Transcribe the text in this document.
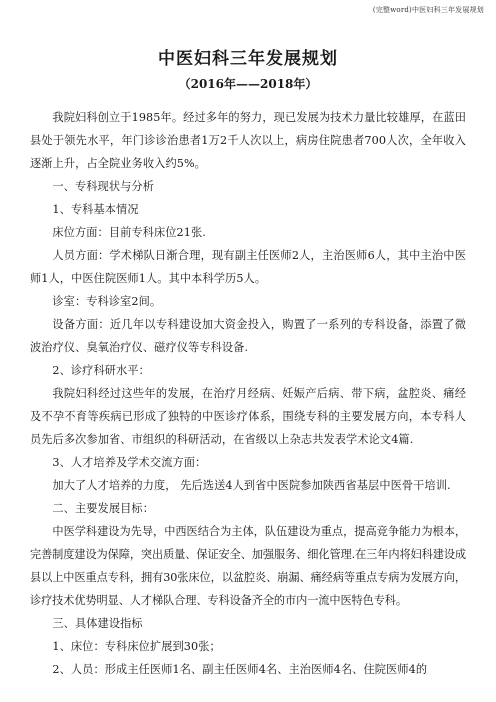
(完整word)中医妇科三年发展规划
中医妇科三年发展规划
（2016年——2018年）

我院妇科创立于1985年。经过多年的努力，现已发展为技术力量比较雄厚，在蓝田县处于领先水平，年门诊诊治患者1万2千人次以上，病房住院患者700人次，全年收入逐渐上升，占全院业务收入约5%。

一、专科现状与分析

1、专科基本情况

床位方面：目前专科床位21张.

人员方面：学术梯队日渐合理，现有副主任医师2人，主治医师6人，其中主治中医师1人，中医住院医师1人。其中本科学历5人。

诊室：专科诊室2间。

设备方面：近几年以专科建设加大资金投入，购置了一系列的专科设备，添置了微波治疗仪、臭氧治疗仪、磁疗仪等专科设备.

2、诊疗科研水平：

我院妇科经过这些年的发展，在治疗月经病、妊娠产后病、带下病，盆腔炎、痛经及不孕不育等疾病已形成了独特的中医诊疗体系，围绕专科的主要发展方向，本专科人员先后多次参加省、市组织的科研活动，在省级以上杂志共发表学术论文4篇.

3、人才培养及学术交流方面：

加大了人才培养的力度， 先后选送4人到省中医院参加陕西省基层中医骨干培训.

二、主要发展目标：

中医学科建设为先导，中西医结合为主体，队伍建设为重点，提高竞争能力为根本，完善制度建设为保障，突出质量、保证安全、加强服务、细化管理.在三年内将妇科建设成县以上中医重点专科，拥有30张床位，以盆腔炎、崩漏、痛经病等重点专病为发展方向，诊疗技术优势明显、人才梯队合理、专科设备齐全的市内一流中医特色专科。

三、具体建设指标

1、床位：专科床位扩展到30张；

2、人员：形成主任医师1名、副主任医师4名、主治医师4名、住院医师4的
